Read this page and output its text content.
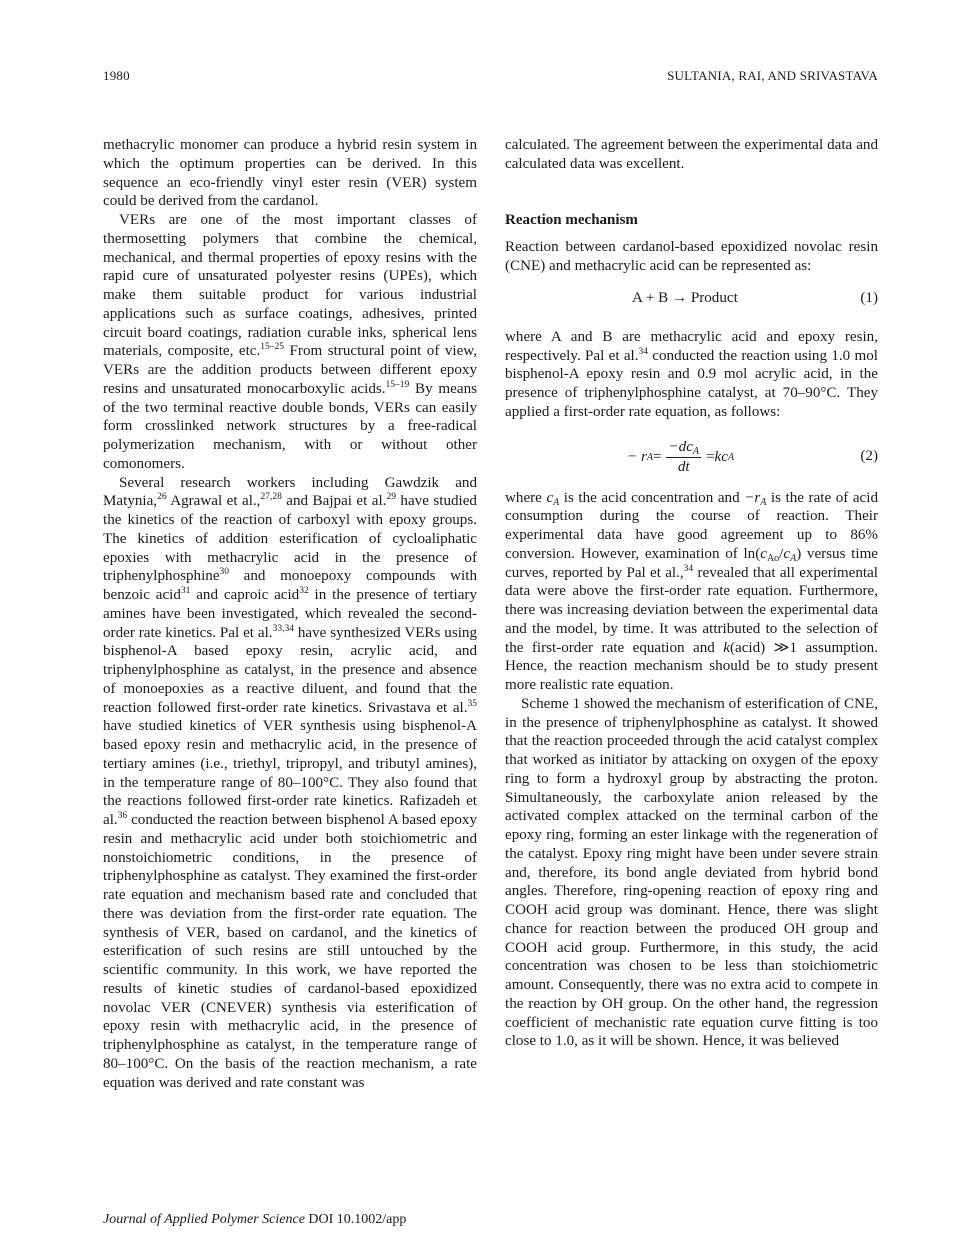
1980	SULTANIA, RAI, AND SRIVASTAVA

methacrylic monomer can produce a hybrid resin system in which the optimum properties can be derived. In this sequence an eco-friendly vinyl ester resin (VER) system could be derived from the cardanol.

VERs are one of the most important classes of thermosetting polymers that combine the chemical, mechanical, and thermal properties of epoxy resins with the rapid cure of unsaturated polyester resins (UPEs), which make them suitable product for various industrial applications such as surface coatings, adhesives, printed circuit board coatings, radiation curable inks, spherical lens materials, composite, etc.$^{15-25}$ From structural point of view, VERs are the addition products between different epoxy resins and unsaturated monocarboxylic acids.$^{15-19}$ By means of the two terminal reactive double bonds, VERs can easily form crosslinked network structures by a free-radical polymerization mechanism, with or without other comonomers.

Several research workers including Gawdzik and Matynia,$^{26}$ Agrawal et al.,$^{27,28}$ and Bajpai et al.$^{29}$ have studied the kinetics of the reaction of carboxyl with epoxy groups. The kinetics of addition esterification of cycloaliphatic epoxies with methacrylic acid in the presence of triphenylphosphine$^{30}$ and monoepoxy compounds with benzoic acid$^{31}$ and caproic acid$^{32}$ in the presence of tertiary amines have been investigated, which revealed the second-order rate kinetics. Pal et al.$^{33,34}$ have synthesized VERs using bisphenol-A based epoxy resin, acrylic acid, and triphenylphosphine as catalyst, in the presence and absence of monoepoxies as a reactive diluent, and found that the reaction followed first-order rate kinetics. Srivastava et al.$^{35}$ have studied kinetics of VER synthesis using bisphenol-A based epoxy resin and methacrylic acid, in the presence of tertiary amines (i.e., triethyl, tripropyl, and tributyl amines), in the temperature range of 80–100°C. They also found that the reactions followed first-order rate kinetics. Rafizadeh et al.$^{36}$ conducted the reaction between bisphenol A based epoxy resin and methacrylic acid under both stoichiometric and nonstoichiometric conditions, in the presence of triphenylphosphine as catalyst. They examined the first-order rate equation and mechanism based rate and concluded that there was deviation from the first-order rate equation. The synthesis of VER, based on cardanol, and the kinetics of esterification of such resins are still untouched by the scientific community. In this work, we have reported the results of kinetic studies of cardanol-based epoxidized novolac VER (CNEVER) synthesis via esterification of epoxy resin with methacrylic acid, in the presence of triphenylphosphine as catalyst, in the temperature range of 80–100°C. On the basis of the reaction mechanism, a rate equation was derived and rate constant was

calculated. The agreement between the experimental data and calculated data was excellent.

Reaction mechanism

Reaction between cardanol-based epoxidized novolac resin (CNE) and methacrylic acid can be represented as:

A + B → Product	(1)

where A and B are methacrylic acid and epoxy resin, respectively. Pal et al.$^{34}$ conducted the reaction using 1.0 mol bisphenol-A epoxy resin and 0.9 mol acrylic acid, in the presence of triphenylphosphine catalyst, at 70–90°C. They applied a first-order rate equation, as follows:

− r $A = \frac{-dc_A}{dt}$ = kc A	(2)

where $c_A$ is the acid concentration and $-r_A$ is the rate of acid consumption during the course of reaction. Their experimental data have good agreement up to 86% conversion. However, examination of $\ln(c_{Ao}/c_A)$ versus time curves, reported by Pal et al.,$^{34}$ revealed that all experimental data were above the first-order rate equation. Furthermore, there was increasing deviation between the experimental data and the model, by time. It was attributed to the selection of the first-order rate equation and k(acid) ≫1 assumption. Hence, the reaction mechanism should be to study present more realistic rate equation.

Scheme 1 showed the mechanism of esterification of CNE, in the presence of triphenylphosphine as catalyst. It showed that the reaction proceeded through the acid catalyst complex that worked as initiator by attacking on oxygen of the epoxy ring to form a hydroxyl group by abstracting the proton. Simultaneously, the carboxylate anion released by the activated complex attacked on the terminal carbon of the epoxy ring, forming an ester linkage with the regeneration of the catalyst. Epoxy ring might have been under severe strain and, therefore, its bond angle deviated from hybrid bond angles. Therefore, ring-opening reaction of epoxy ring and COOH acid group was dominant. Hence, there was slight chance for reaction between the produced OH group and COOH acid group. Furthermore, in this study, the acid concentration was chosen to be less than stoichiometric amount. Consequently, there was no extra acid to compete in the reaction by OH group. On the other hand, the regression coefficient of mechanistic rate equation curve fitting is too close to 1.0, as it will be shown. Hence, it was believed

Journal of Applied Polymer Science DOI 10.1002/app
